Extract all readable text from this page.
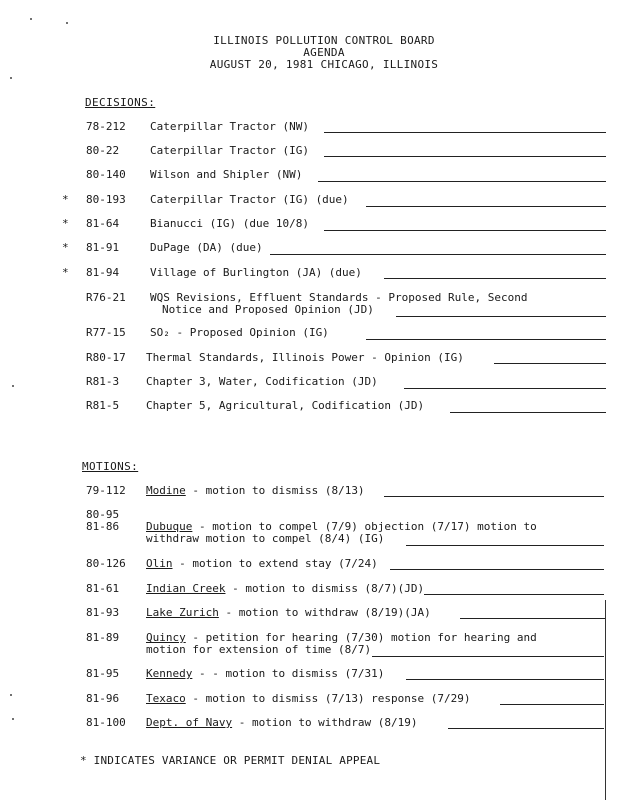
ILLINOIS POLLUTION CONTROL BOARD
AGENDA
AUGUST 20, 1981 CHICAGO, ILLINOIS
DECISIONS:
78-212 Caterpillar Tractor (NW)
80-22	Caterpillar Tractor (IG)
80-140 Wilson and Shipler (NW)
* 80-193 Caterpillar Tractor (IG) (due)
* 81-64	Bianucci (IG) (due 10/8)
* 81-91	DuPage (DA) (due)
* 81-94	Village of Burlington (JA) (due)
R76-21 WQS Revisions, Effluent Standards - Proposed Rule, Second
Notice and Proposed Opinion (JD)
R77-15 SO₂ - Proposed Opinion (IG)
R80-17 Thermal Standards, Illinois Power - Opinion (IG)
R81-3 Chapter 3, Water, Codification (JD)
R81-5 Chapter 5, Agricultural, Codification (JD)
MOTIONS:
79-112 Modine - motion to dismiss (8/13)
80-95
81-86 Dubuque - motion to compel (7/9) objection (7/17) motion to
withdraw motion to compel (8/4) (IG)
80-126 Olin - motion to extend stay (7/24)
81-61 Indian Creek - motion to dismiss (8/7)(JD)
81-93 Lake Zurich - motion to withdraw (8/19)(JA)
81-89 Quincy - petition for hearing (7/30) motion for hearing and
motion for extension of time (8/7)
81-95 Kennedy - - motion to dismiss (7/31)
81-96 Texaco - motion to dismiss (7/13) response (7/29)
81-100 Dept. of Navy - motion to withdraw (8/19)
* INDICATES VARIANCE OR PERMIT DENIAL APPEAL
